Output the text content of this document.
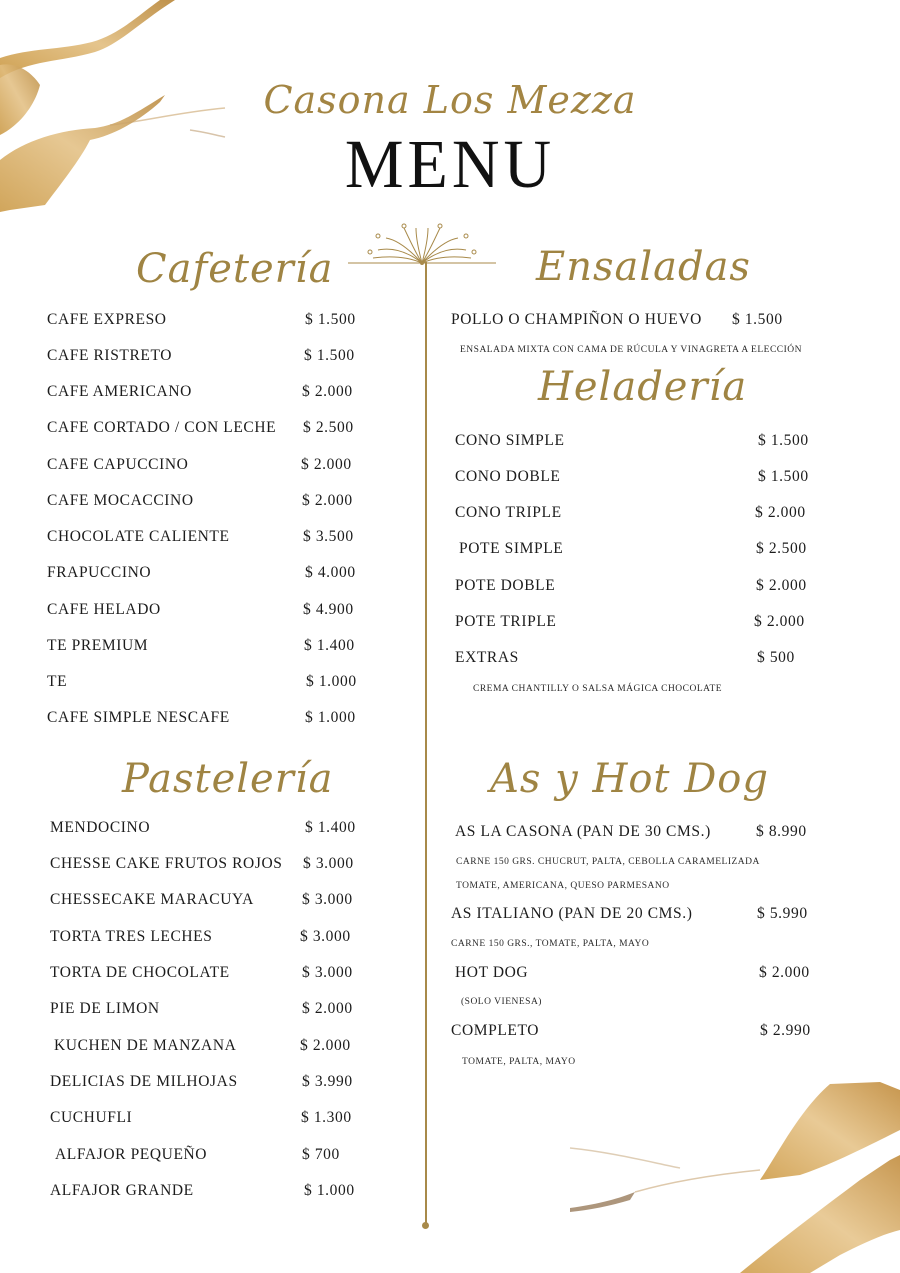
Casona Los Mezza
MENU
Cafetería
CAFE EXPRESO	$ 1.500
CAFE RISTRETO	$ 1.500
CAFE AMERICANO	$ 2.000
CAFE CORTADO / CON LECHE $ 2.500
CAFE CAPUCCINO	$ 2.000
CAFE MOCACCINO	$ 2.000
CHOCOLATE CALIENTE	$ 3.500
FRAPUCCINO	$ 4.000
CAFE HELADO	$ 4.900
TE PREMIUM	$ 1.400
TE	$ 1.000
CAFE SIMPLE NESCAFE	$ 1.000
Pastelería
MENDOCINO	$ 1.400
CHESSE CAKE FRUTOS ROJOS $ 3.000
CHESSECAKE MARACUYA	$ 3.000
TORTA TRES LECHES	$ 3.000
TORTA DE CHOCOLATE	$ 3.000
PIE DE LIMON	$ 2.000
KUCHEN DE MANZANA	$ 2.000
DELICIAS DE MILHOJAS	$ 3.990
CUCHUFLI	$ 1.300
ALFAJOR PEQUEÑO	$ 700
ALFAJOR GRANDE	$ 1.000
Ensaladas
POLLO O CHAMPIÑON O HUEVO $ 1.500
ENSALADA MIXTA CON CAMA DE RÚCULA Y VINAGRETA A ELECCIÓN
Heladería
CONO SIMPLE	$ 1.500
CONO DOBLE	$ 1.500
CONO TRIPLE	$ 2.000
POTE SIMPLE	$ 2.500
POTE DOBLE	$ 2.000
POTE TRIPLE	$ 2.000
EXTRAS	$ 500
CREMA CHANTILLY O SALSA MÁGICA CHOCOLATE
As y Hot Dog
AS LA CASONA (PAN DE 30 CMS.)	$ 8.990
CARNE 150 GRS. CHUCRUT, PALTA, CEBOLLA CARAMELIZADA
TOMATE, AMERICANA, QUESO PARMESANO
AS ITALIANO (PAN DE 20 CMS.)	$ 5.990
CARNE 150 GRS., TOMATE, PALTA, MAYO
HOT DOG	$ 2.000
(SOLO VIENESA)
COMPLETO	$ 2.990
TOMATE, PALTA, MAYO
